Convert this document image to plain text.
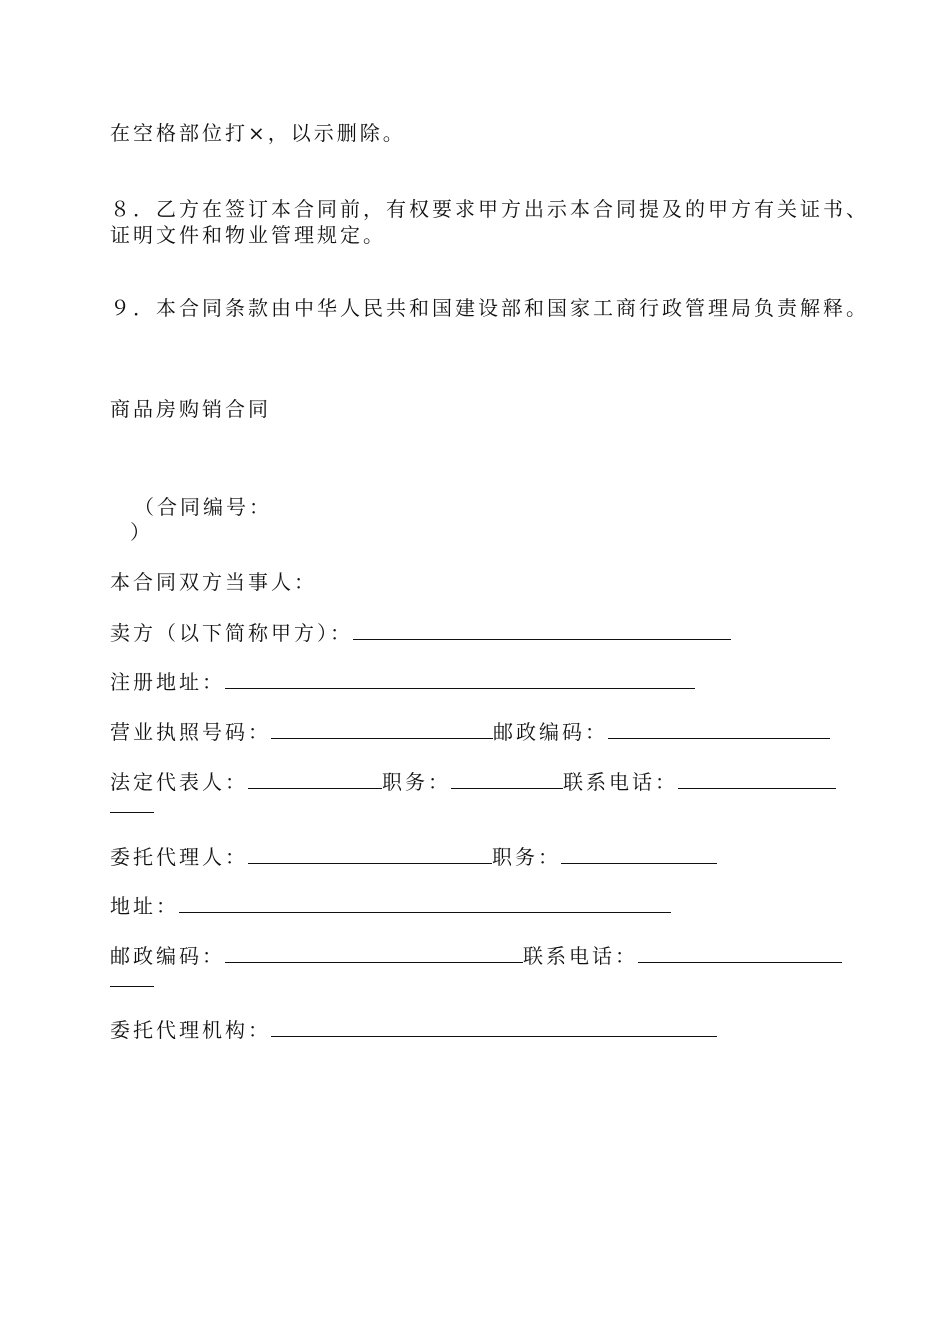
在空格部位打×，以示删除。
８．乙方在签订本合同前，有权要求甲方出示本合同提及的甲方有关证书、证明文件和物业管理规定。
９．本合同条款由中华人民共和国建设部和国家工商行政管理局负责解释。
商品房购销合同
（合同编号：
）
本合同双方当事人：
卖方（以下简称甲方）：
注册地址：
营业执照号码：	邮政编码：
法定代表人：	职务：	联系电话：
委托代理人：	职务：
地址：
邮政编码：	联系电话：
委托代理机构：
